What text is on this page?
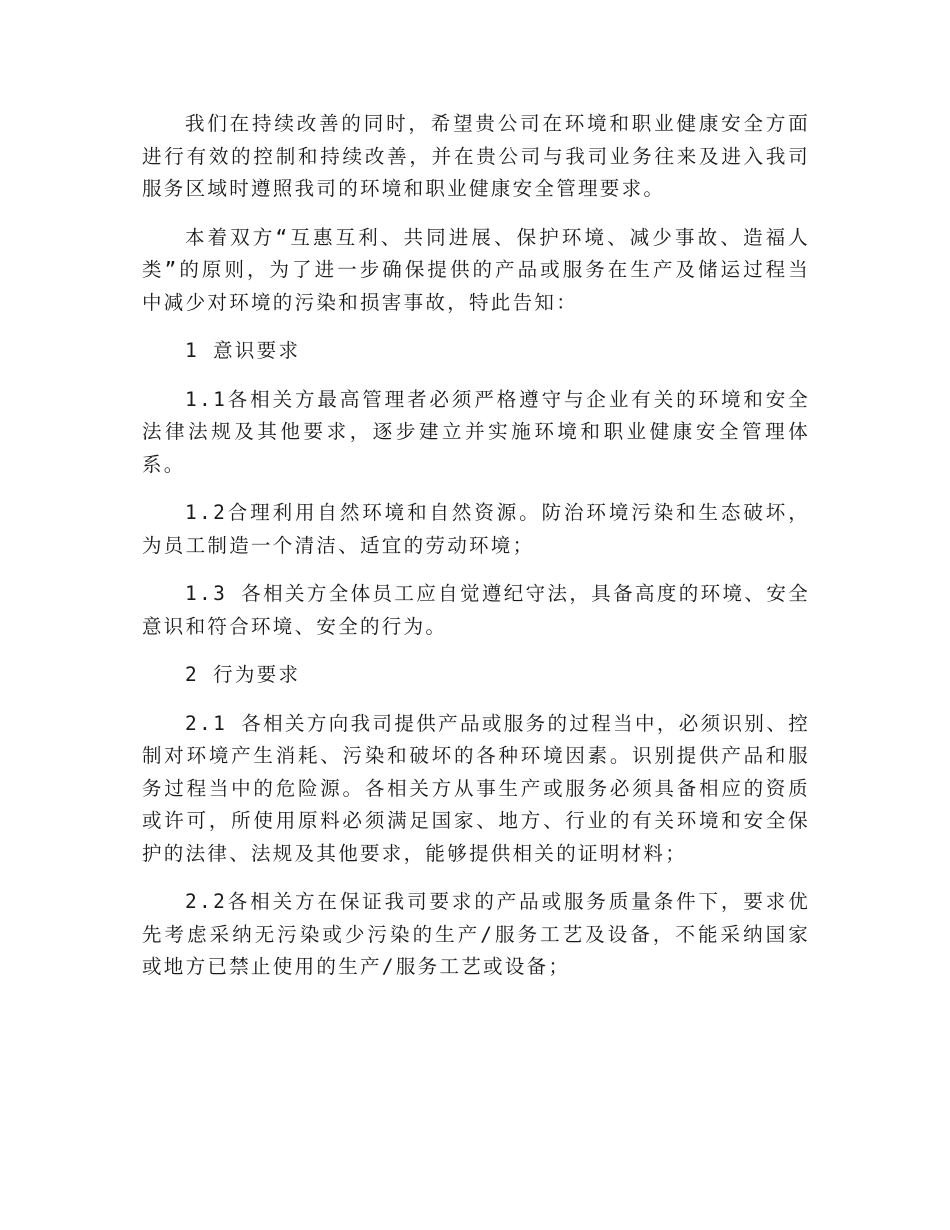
我们在持续改善的同时，希望贵公司在环境和职业健康安全方面进行有效的控制和持续改善，并在贵公司与我司业务往来及进入我司服务区域时遵照我司的环境和职业健康安全管理要求。

本着双方“互惠互利、共同进展、保护环境、减少事故、造福人类”的原则，为了进一步确保提供的产品或服务在生产及储运过程当中减少对环境的污染和损害事故，特此告知：

1 意识要求

1.1各相关方最高管理者必须严格遵守与企业有关的环境和安全法律法规及其他要求，逐步建立并实施环境和职业健康安全管理体系。

1.2合理利用自然环境和自然资源。防治环境污染和生态破坏，为员工制造一个清洁、适宜的劳动环境；

1.3 各相关方全体员工应自觉遵纪守法，具备高度的环境、安全意识和符合环境、安全的行为。

2 行为要求

2.1 各相关方向我司提供产品或服务的过程当中，必须识别、控制对环境产生消耗、污染和破坏的各种环境因素。识别提供产品和服务过程当中的危险源。各相关方从事生产或服务必须具备相应的资质或许可，所使用原料必须满足国家、地方、行业的有关环境和安全保护的法律、法规及其他要求，能够提供相关的证明材料；

2.2各相关方在保证我司要求的产品或服务质量条件下，要求优先考虑采纳无污染或少污染的生产/服务工艺及设备，不能采纳国家或地方已禁止使用的生产/服务工艺或设备；
